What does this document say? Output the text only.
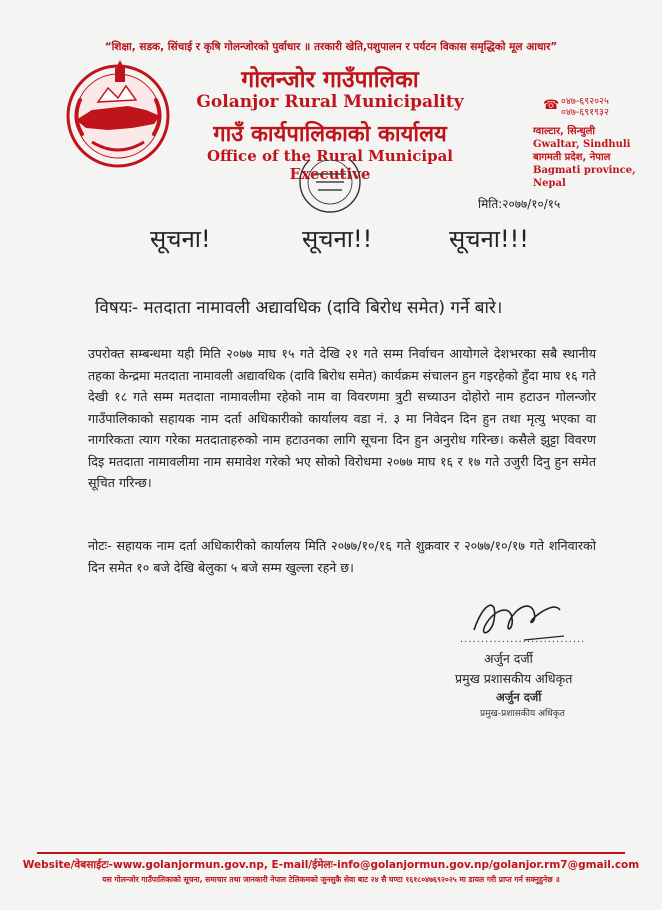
“शिक्षा, सडक, सिंचाई र कृषि गोलन्जोरको पुर्वाधार ॥ तरकारी खेति,पशुपालन र पर्यटन विकास समृद्धिको मूल आधार”
गोलन्जोर गाउँपालिका
Golanjor Rural Municipality
गाउँ कार्यपालिकाको कार्यालय
Office of the Rural Municipal Executive
☎ ०४७-६९२०२५
०४७-६९१९३२
ग्वाल्टार, सिन्धुली
Gwaltar, Sindhuli
बागमती प्रदेश, नेपाल
Bagmati province, Nepal
मिति:२०७७/१०/१५
सूचना!	सूचना!!	सूचना!!!
विषयः- मतदाता नामावली अद्यावधिक (दावि बिरोध समेत) गर्ने बारे।
उपरोक्त सम्बन्धमा यही मिति २०७७ माघ १५ गते देखि २१ गते सम्म निर्वाचन आयोगले देशभरका सबै स्थानीय तहका केन्द्रमा मतदाता नामावली अद्यावधिक (दावि बिरोध समेत) कार्यक्रम संचालन हुन गइरहेको हुँदा माघ १६ गते देखी १८ गते सम्म मतदाता नामावलीमा रहेको नाम वा विवरणमा त्रुटी सच्याउन दोहोरो नाम हटाउन गोलन्जोर गाउँपालिकाको सहायक नाम दर्ता अधिकारीको कार्यालय वडा नं. ३ मा निवेदन दिन हुन तथा मृत्यु भएका वा नागरिकता त्याग गरेका मतदाताहरुको नाम हटाउनका लागि सूचना दिन हुन अनुरोध गरिन्छ। कसैले झुट्टा विवरण दिइ मतदाता नामावलीमा नाम समावेश गरेको भए सोको विरोधमा २०७७ माघ १६ र १७ गते उजुरी दिनु हुन समेत सूचित गरिन्छ।
नोटः- सहायक नाम दर्ता अधिकारीको कार्यालय मिति २०७७/१०/१६ गते शुक्रवार र २०७७/१०/१७ गते शनिवारको दिन समेत १० बजे देखि बेलुका ५ बजे सम्म खुल्ला रहने छ।
..............................
अर्जुन दर्जी
प्रमुख प्रशासकीय अधिकृत
अर्जुन दर्जी
प्रमुख-प्रशासकीय अधिकृत
Website/वेबसाईटः-www.golanjormun.gov.np, E-mail/ईमेलः-info@golanjormun.gov.np/golanjor.rm7@gmail.com
यस गोलन्जोर गाउँपालिकाको सूचना, समाचार तथा जानकारी नेपाल टेलिकमको जुनसुकै सेवा बाट २४ सै घण्टा १६१८०४७६९२०२५ मा डायल गरी प्राप्त गर्न सक्नुहुनेछ ॥
